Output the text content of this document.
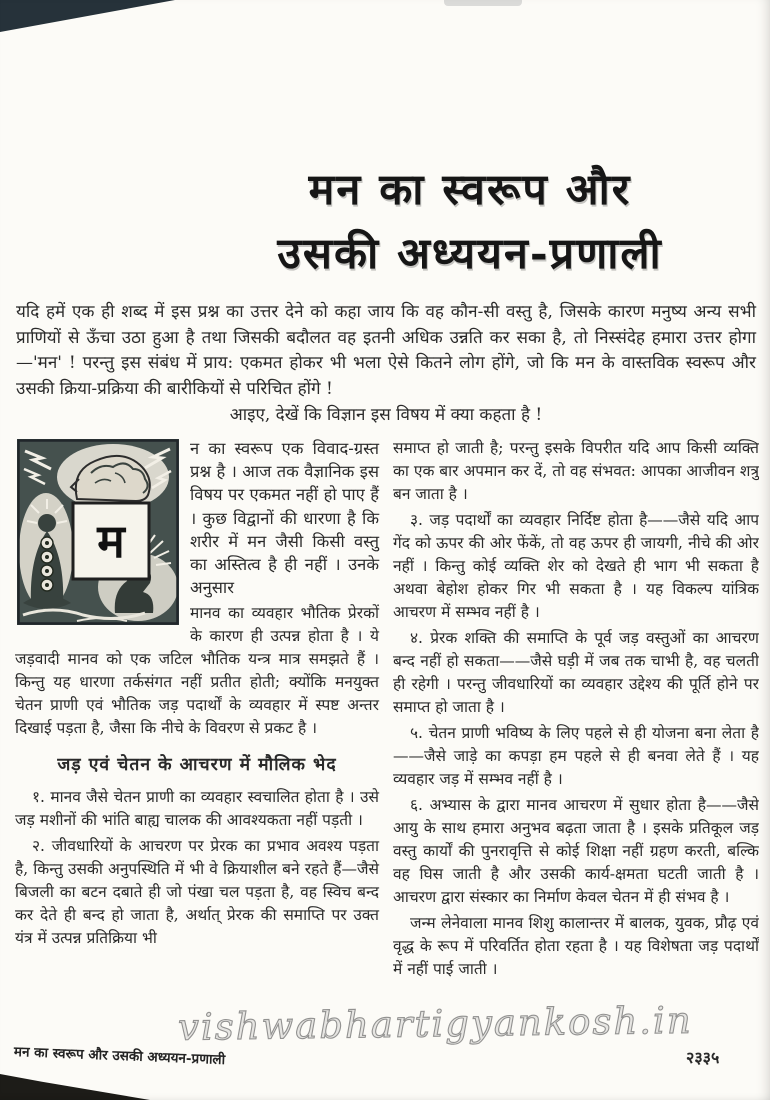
मन का स्वरूप और
उसकी अध्ययन-प्रणाली
यदि हमें एक ही शब्द में इस प्रश्न का उत्तर देने को कहा जाय कि वह कौन-सी वस्तु है, जिसके कारण मनुष्य अन्य सभी प्राणियों से ऊँचा उठा हुआ है तथा जिसकी बदौलत वह इतनी अधिक उन्नति कर सका है, तो निस्संदेह हमारा उत्तर होगा—'मन' ! परन्तु इस संबंध में प्राय: एकमत होकर भी भला ऐसे कितने लोग होंगे, जो कि मन के वास्तविक स्वरूप और उसकी क्रिया-प्रक्रिया की बारीकियों से परिचित होंगे !
आइए, देखें कि विज्ञान इस विषय में क्या कहता है !
म

न का स्वरूप एक विवाद-ग्रस्त प्रश्न है । आज तक वैज्ञानिक इस विषय पर एकमत नहीं हो पाए हैं । कुछ विद्वानों की धारणा है कि शरीर में मन जैसी किसी वस्तु का अस्तित्व है ही नहीं । उनके अनुसार

मानव का व्यवहार भौतिक प्रेरकों के कारण ही उत्पन्न होता है । ये जड़वादी मानव को एक जटिल भौतिक यन्त्र मात्र समझते हैं । किन्तु यह धारणा तर्कसंगत नहीं प्रतीत होती; क्योंकि मनयुक्त चेतन प्राणी एवं भौतिक जड़ पदार्थों के व्यवहार में स्पष्ट अन्तर दिखाई पड़ता है, जैसा कि नीचे के विवरण से प्रकट है ।

जड़ एवं चेतन के आचरण में मौलिक भेद

१. मानव जैसे चेतन प्राणी का व्यवहार स्वचालित होता है । उसे जड़ मशीनों की भांति बाह्य चालक की आवश्यकता नहीं पड़ती ।

२. जीवधारियों के आचरण पर प्रेरक का प्रभाव अवश्य पड़ता है, किन्तु उसकी अनुपस्थिति में भी वे क्रियाशील बने रहते हैं—जैसे बिजली का बटन दबाते ही जो पंखा चल पड़ता है, वह स्विच बन्द कर देते ही बन्द हो जाता है, अर्थात् प्रेरक की समाप्ति पर उक्त यंत्र में उत्पन्न प्रतिक्रिया भी

समाप्त हो जाती है; परन्तु इसके विपरीत यदि आप किसी व्यक्ति का एक बार अपमान कर दें, तो वह संभवत: आपका आजीवन शत्रु बन जाता है ।

३. जड़ पदार्थों का व्यवहार निर्दिष्ट होता है——जैसे यदि आप गेंद को ऊपर की ओर फेंकें, तो वह ऊपर ही जायगी, नीचे की ओर नहीं । किन्तु कोई व्यक्ति शेर को देखते ही भाग भी सकता है अथवा बेहोश होकर गिर भी सकता है । यह विकल्प यांत्रिक आचरण में सम्भव नहीं है ।

४. प्रेरक शक्ति की समाप्ति के पूर्व जड़ वस्तुओं का आचरण बन्द नहीं हो सकता——जैसे घड़ी में जब तक चाभी है, वह चलती ही रहेगी । परन्तु जीवधारियों का व्यवहार उद्देश्य की पूर्ति होने पर समाप्त हो जाता है ।

५. चेतन प्राणी भविष्य के लिए पहले से ही योजना बना लेता है——जैसे जाड़े का कपड़ा हम पहले से ही बनवा लेते हैं । यह व्यवहार जड़ में सम्भव नहीं है ।

६. अभ्यास के द्वारा मानव आचरण में सुधार होता है——जैसे आयु के साथ हमारा अनुभव बढ़ता जाता है । इसके प्रतिकूल जड़ वस्तु कार्यों की पुनरावृत्ति से कोई शिक्षा नहीं ग्रहण करती, बल्कि वह घिस जाती है और उसकी कार्य-क्षमता घटती जाती है । आचरण द्वारा संस्कार का निर्माण केवल चेतन में ही संभव है ।

जन्म लेनेवाला मानव शिशु कालान्तर में बालक, युवक, प्रौढ़ एवं वृद्ध के रूप में परिवर्तित होता रहता है । यह विशेषता जड़ पदार्थों में नहीं पाई जाती ।

vishwabhartigyankosh.in
मन का स्वरूप और उसकी अध्ययन-प्रणाली	२३३५
